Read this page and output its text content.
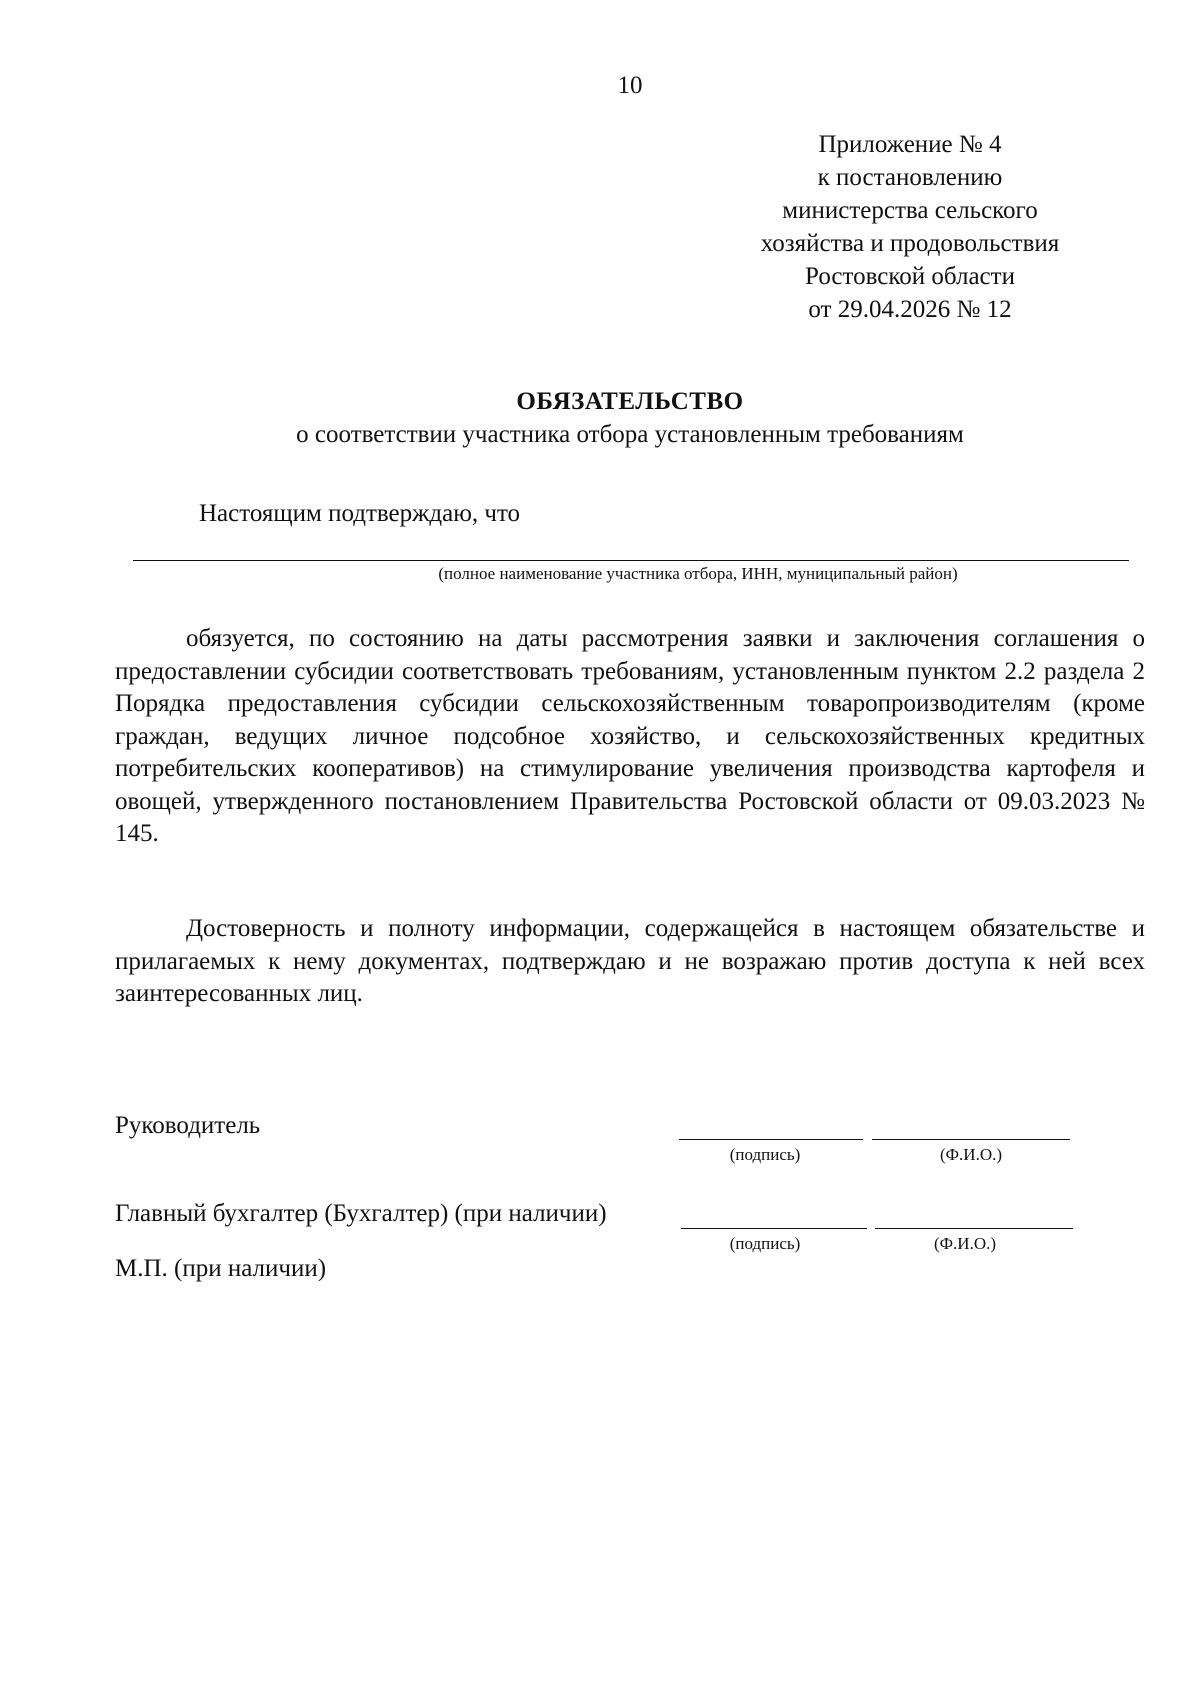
10
Приложение № 4
к постановлению
министерства сельского
хозяйства и продовольствия
Ростовской области
от 29.04.2026 № 12
ОБЯЗАТЕЛЬСТВО
о соответствии участника отбора установленным требованиям
Настоящим подтверждаю, что
(полное наименование участника отбора, ИНН, муниципальный район)

обязуется, по состоянию на даты рассмотрения заявки и заключения соглашения о предоставлении субсидии соответствовать требованиям, установленным пунктом 2.2 раздела 2 Порядка предоставления субсидии сельскохозяйственным товаропроизводителям (кроме граждан, ведущих личное подсобное хозяйство, и сельскохозяйственных кредитных потребительских кооперативов) на стимулирование увеличения производства картофеля и овощей, утвержденного постановлением Правительства Ростовской области от 09.03.2023 № 145.

Достоверность и полноту информации, содержащейся в настоящем обязательстве и прилагаемых к нему документах, подтверждаю и не возражаю против доступа к ней всех заинтересованных лиц.

Руководитель
(подпись)	(Ф.И.О.)
Главный бухгалтер (Бухгалтер) (при наличии)
(подпись)	(Ф.И.О.)
М.П. (при наличии)
